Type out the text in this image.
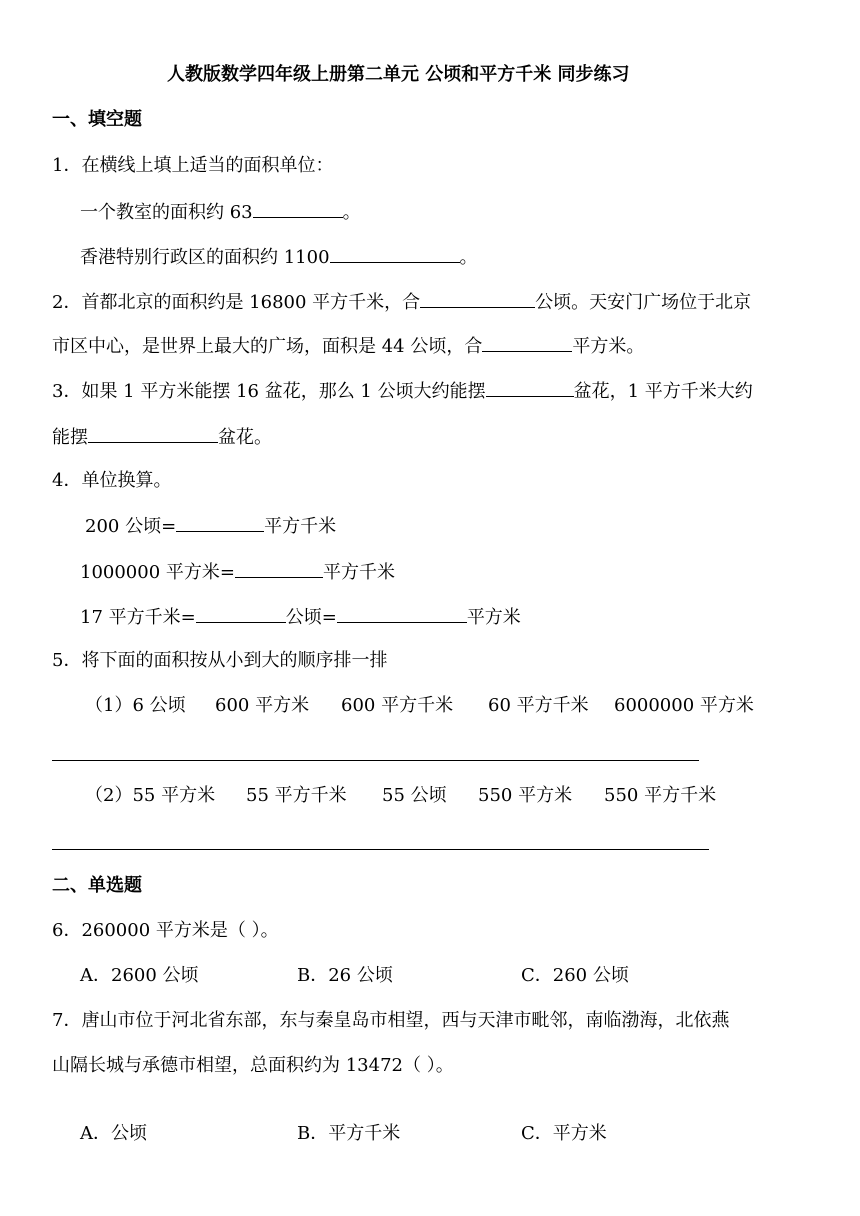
人教版数学四年级上册第二单元 公顷和平方千米 同步练习
一、填空题
1．在横线上填上适当的面积单位：
一个教室的面积约 63	。
香港特别行政区的面积约 1100	。
2．首都北京的面积约是 16800 平方千米，合	公顷。天安门广场位于北京
市区中心，是世界上最大的广场，面积是 44 公顷，合	平方米。
3．如果 1 平方米能摆 16 盆花，那么 1 公顷大约能摆	盆花，1 平方千米大约
能摆	盆花。
4．单位换算。
200 公顷=	平方千米
1000000 平方米=	平方千米
17 平方千米=	公顷=	平方米
5．将下面的面积按从小到大的顺序排一排
（1）6 公顷 600 平方米 600 平方千米 60 平方千米 6000000 平方米
（2）55 平方米 55 平方千米 55 公顷 550 平方米 550 平方千米
二、单选题
6．260000 平方米是（ ）。
A．2600 公顷	B．26 公顷	C．260 公顷
7．唐山市位于河北省东部，东与秦皇岛市相望，西与天津市毗邻，南临渤海，北依燕
山隔长城与承德市相望，总面积约为 13472（ ）。
A．公顷	B．平方千米	C．平方米
